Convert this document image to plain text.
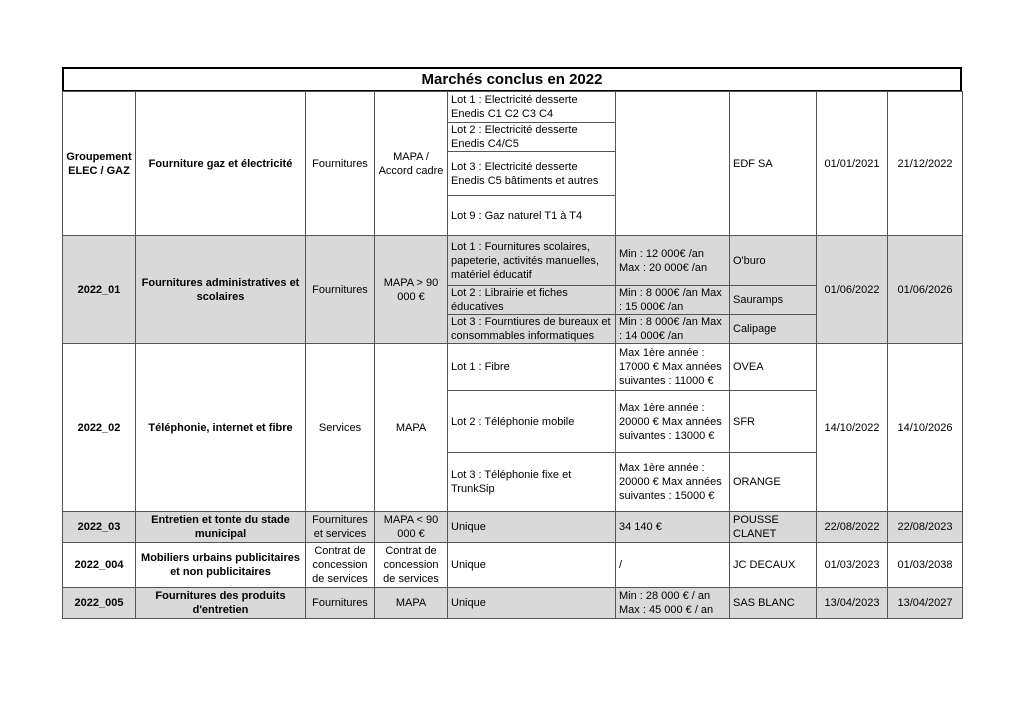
Marchés conclus en 2022
Groupement ELEC / GAZ	Fourniture gaz et électricité	Fournitures	MAPA / Accord cadre	Lot 1 : Electricité desserte Enedis C1 C2 C3 C4		EDF SA	01/01/2021	21/12/2022
				Lot 2 : Electricité desserte Enedis C4/C5				
				Lot 3 : Electricité desserte Enedis C5 bâtiments et autres				
				Lot 9 : Gaz naturel T1 à T4				
2022_01	Fournitures administratives et scolaires	Fournitures	MAPA > 90 000 €	Lot 1 : Fournitures scolaires, papeterie, activités manuelles, matériel éducatif	Min : 12 000€ /an Max : 20 000€ /an	O'buro	01/06/2022	01/06/2026
				Lot 2 : Librairie et fiches éducatives	Min : 8 000€ /an Max : 15 000€ /an	Sauramps		
				Lot 3 : Fourntiures de bureaux et consommables informatiques	Min : 8 000€ /an Max : 14 000€ /an	Calipage		
2022_02	Téléphonie, internet et fibre	Services	MAPA	Lot 1 : Fibre	Max 1ère année : 17000 € Max années suivantes : 11000 €	OVEA	14/10/2022	14/10/2026
				Lot 2 : Téléphonie mobile	Max 1ère année : 20000 € Max années suivantes : 13000 €	SFR		
				Lot 3 : Téléphonie fixe et TrunkSip	Max 1ère année : 20000 € Max années suivantes : 15000 €	ORANGE		
2022_03	Entretien et tonte du stade municipal	Fournitures et services	MAPA < 90 000 €	Unique	34 140 €	POUSSE CLANET	22/08/2022	22/08/2023
2022_004	Mobiliers urbains publicitaires et non publicitaires	Contrat de concession de services	Contrat de concession de services	Unique	/	JC DECAUX	01/03/2023	01/03/2038
2022_005	Fournitures des produits d'entretien	Fournitures	MAPA	Unique	Min : 28 000 € / an Max : 45 000 € / an	SAS BLANC	13/04/2023	13/04/2027
